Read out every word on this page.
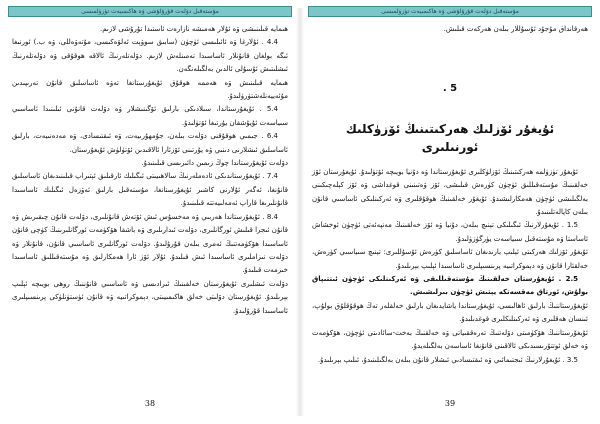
مۇستەقىل دۆلەت قۇرۇلۇشى ۋە ھاكىمىيەت تۈزۈلمىسى

ھىمايە قىلىنىشى ۋە ئۇلار ھەمىشە نازارەت ئاستىدا تۇرۇشى لازىم.

4.4 . ئۇلارغا ۋە ئائىلىسى ئۈچۈن (سابىق سوۋېت ئەلۋەكىسى، مۇتەۋەللى، ۋە ب.) ئورنىغا ئىگە بولغان قانۇنلار ئاساسىدا تەمىنلەش لازىم. دۆلەتلەرنىڭ ئالاقە ھوقۇقى ۋە دۆلەتلەرنىڭ ئىشلىتىش ئۇسۇلى ئالدىن بەلگىلەنگەن.

ھىمايە قىلىنىش ۋە ھەممە ھوقۇق ئۇيغۇرستانغا تەۋە ئاساسلىق قانۇن تەرىپىدىن مۇئەييەنلەشتۈرۈلىدۇ.

5.4 . ئۇيغۇرستاندا، سىلادىكى بارلىق ئۆگىنىشلار ۋە دۆلەت قانۇنى ئىلىنىدا ئاساسىي سىياسەت ئۇيۇشقان يۇرتىغا ئۆتۈلىدۇ.

6.4 . جىمىي ھوقۇقنى دۆلەت بىلەن، جۇمھۇرىيەت، ۋە ئىقتىسادى، ۋە مەدەنىيەت، بارلىق ئاساسلىق ئىشلارنى دىنىي ۋە يۇرتىنى ئۆزئارا ئالاقىدىن ئۆتۈلۈش ئۇيغۇرستان.

دۆلەت ئۇيغۇرستاندا چوڭ زىمىن دائىرىسى قىلىنىدۇ.

7.4 . ئۇيغۇرستاندىكى ئادەملەرنىڭ سالاھىيىتى ئىگىلىك ئارقىلىق ئېتىراپ قىلىنىدىغان ئاساسلىق قانۇنغا، ئەگەر ئۇلارنى كاشىر ئۇيغۇرستانغا، مۇستەقىل بارلىق ئەۋزەل ئىگىلىك ئاساسىدا قانۇنلىرىغا قاراپ ئەمەلىيەتتە قىلىنىدۇ.

8.4 . ئۇيغۇرستاندا ھەربىي ۋە مەخسۇس ئىش ئۆتەش قانۇنلىرى، دۆلەت قانۇن چىقىرىش ۋە قانۇن ئىجرا قىلىش ئورگانلىرى، دۆلەت ئىدارىلىرى ۋە باشقا ھۆكۈمەت ئورگانلىرىنىڭ كۈچى قانۇن ئاساسىدا ھۆكۈمەتنىڭ ئەمرى بىلەن قۇرۇلىدۇ. دۆلەت ئورگانلىرى ئاساسىي قانۇن، قانۇنلار ۋە دۆلەت نىزاملىرى ئاساسىدا ئىش قىلىدۇ. ئۇلار ئۆز ئارا ھەمكارلىق ۋە مۇستەقىللىق ئاساسىدا خىزمەت قىلىدۇ.

دۆلەت ئىشلىرى ئۇيغۇرستان خەلقىنىڭ ئىرادىسى ۋە ئاساسىي قانۇننىڭ روھى بويىچە ئېلىپ بېرىلىدۇ. ئۇيغۇرستان دۆلىتى خەلق ھاكىمىيىتى، دېموكراتىيە ۋە قانۇن ئۈستۈنلۈكى پرىنسىپلىرى ئاساسىدا قۇرۇلىدۇ.

38
مۇستەقىل دۆلەت قۇرۇلۇشى ۋە ھاكىمىيەت تۈزۈلمىسى

ھەرقانداق مۇجۇد ئۇسۇللار بىلەن ھەركەت قىلىش.

. 5
ئۇيغۇر ئۆزلىك ھەركىتىنىڭ ئۆزۈكلىك
ئورنىلىرى

ئۇيغۇر تۈزۈلمە ھەركىتىنىڭ ئۆزلۈكلىرى ئۇيغۇرستاندا ۋە دۇنيا بويىچە ئۆتۈلىدۇ. ئۇيغۇرستان ئۆز خەلقىنىڭ مۇستەقىللىق ئۈچۈن كۈرەش قىلىشى، ئۆز ۋەتىنىنى قوغداشى ۋە ئۆز كېلەچىكىنى بەلگىلىشى ئۈچۈن ھەمكارلىشىدۇ. ئۇيغۇر خەلقىنىڭ ھوقۇقلىرى ۋە ئەركىنلىكى ئاساسىي قانۇن بىلەن كاپالەتلىنىدۇ.

1.5 . ئۇيغۇرلارنىڭ ئىگىلىكى تېنىچ بىلەن، دۇنيا ۋە ئۆز خەلقىنىڭ مەنپەئەتى ئۈچۈن ئوخشاش ئاساستا ۋە مۇستەقىل سىياسەت يۈرگۈزۈلىدۇ.

ئۇيغۇر ئۆزلىك ھەركىتى ئېلىپ بارىدىغان ئاساسلىق كۈرەش ئۇسۇللىرى: تېنىچ سىياسىي كۈرەش، خەلقئارا قانۇن ۋە دېموكراتىيە پرىنسىپلىرى ئاساسىدا ئېلىپ بېرىلىدۇ.

2.5 . ئۇيغۇرستان خەلقىنىڭ مۇستەقىللىقى ۋە ئەركىنلىكى ئۈچۈن ئىتتىپاق بولۇش، ئورتاق مەقسەتكە يېتىش ئۈچۈن بىرلىشىش.

ئۇيغۇرستاننىڭ بارلىق ئاھالىسى، ئۇيغۇرستاندا ياشايدىغان بارلىق خەلقلەر تەڭ ھوقۇقلۇق بولۇپ، ئىنسان ھەقلىرى ۋە ئەركىنلىكلىرى قوغدىلىدۇ.

ئۇيغۇرستاننىڭ ھۆكۈمىتى دۆلەتنىڭ تەرەققىياتى ۋە خەلقنىڭ بەخت-سائادىتى ئۈچۈن، ھۆكۈمەت ۋە خەلق ئوتتۇرىسىدىكى ئالاقىنى قانۇنغا ئاساسەن بەلگىلەيدۇ.

3.5 . ئۇيغۇرلارنىڭ ئىجتىمائىي ۋە ئىقتىسادىي ئىشلار قانۇن بىلەن بەلگىلىنىدۇ، ئىلىپ بېرىلىدۇ.

39
